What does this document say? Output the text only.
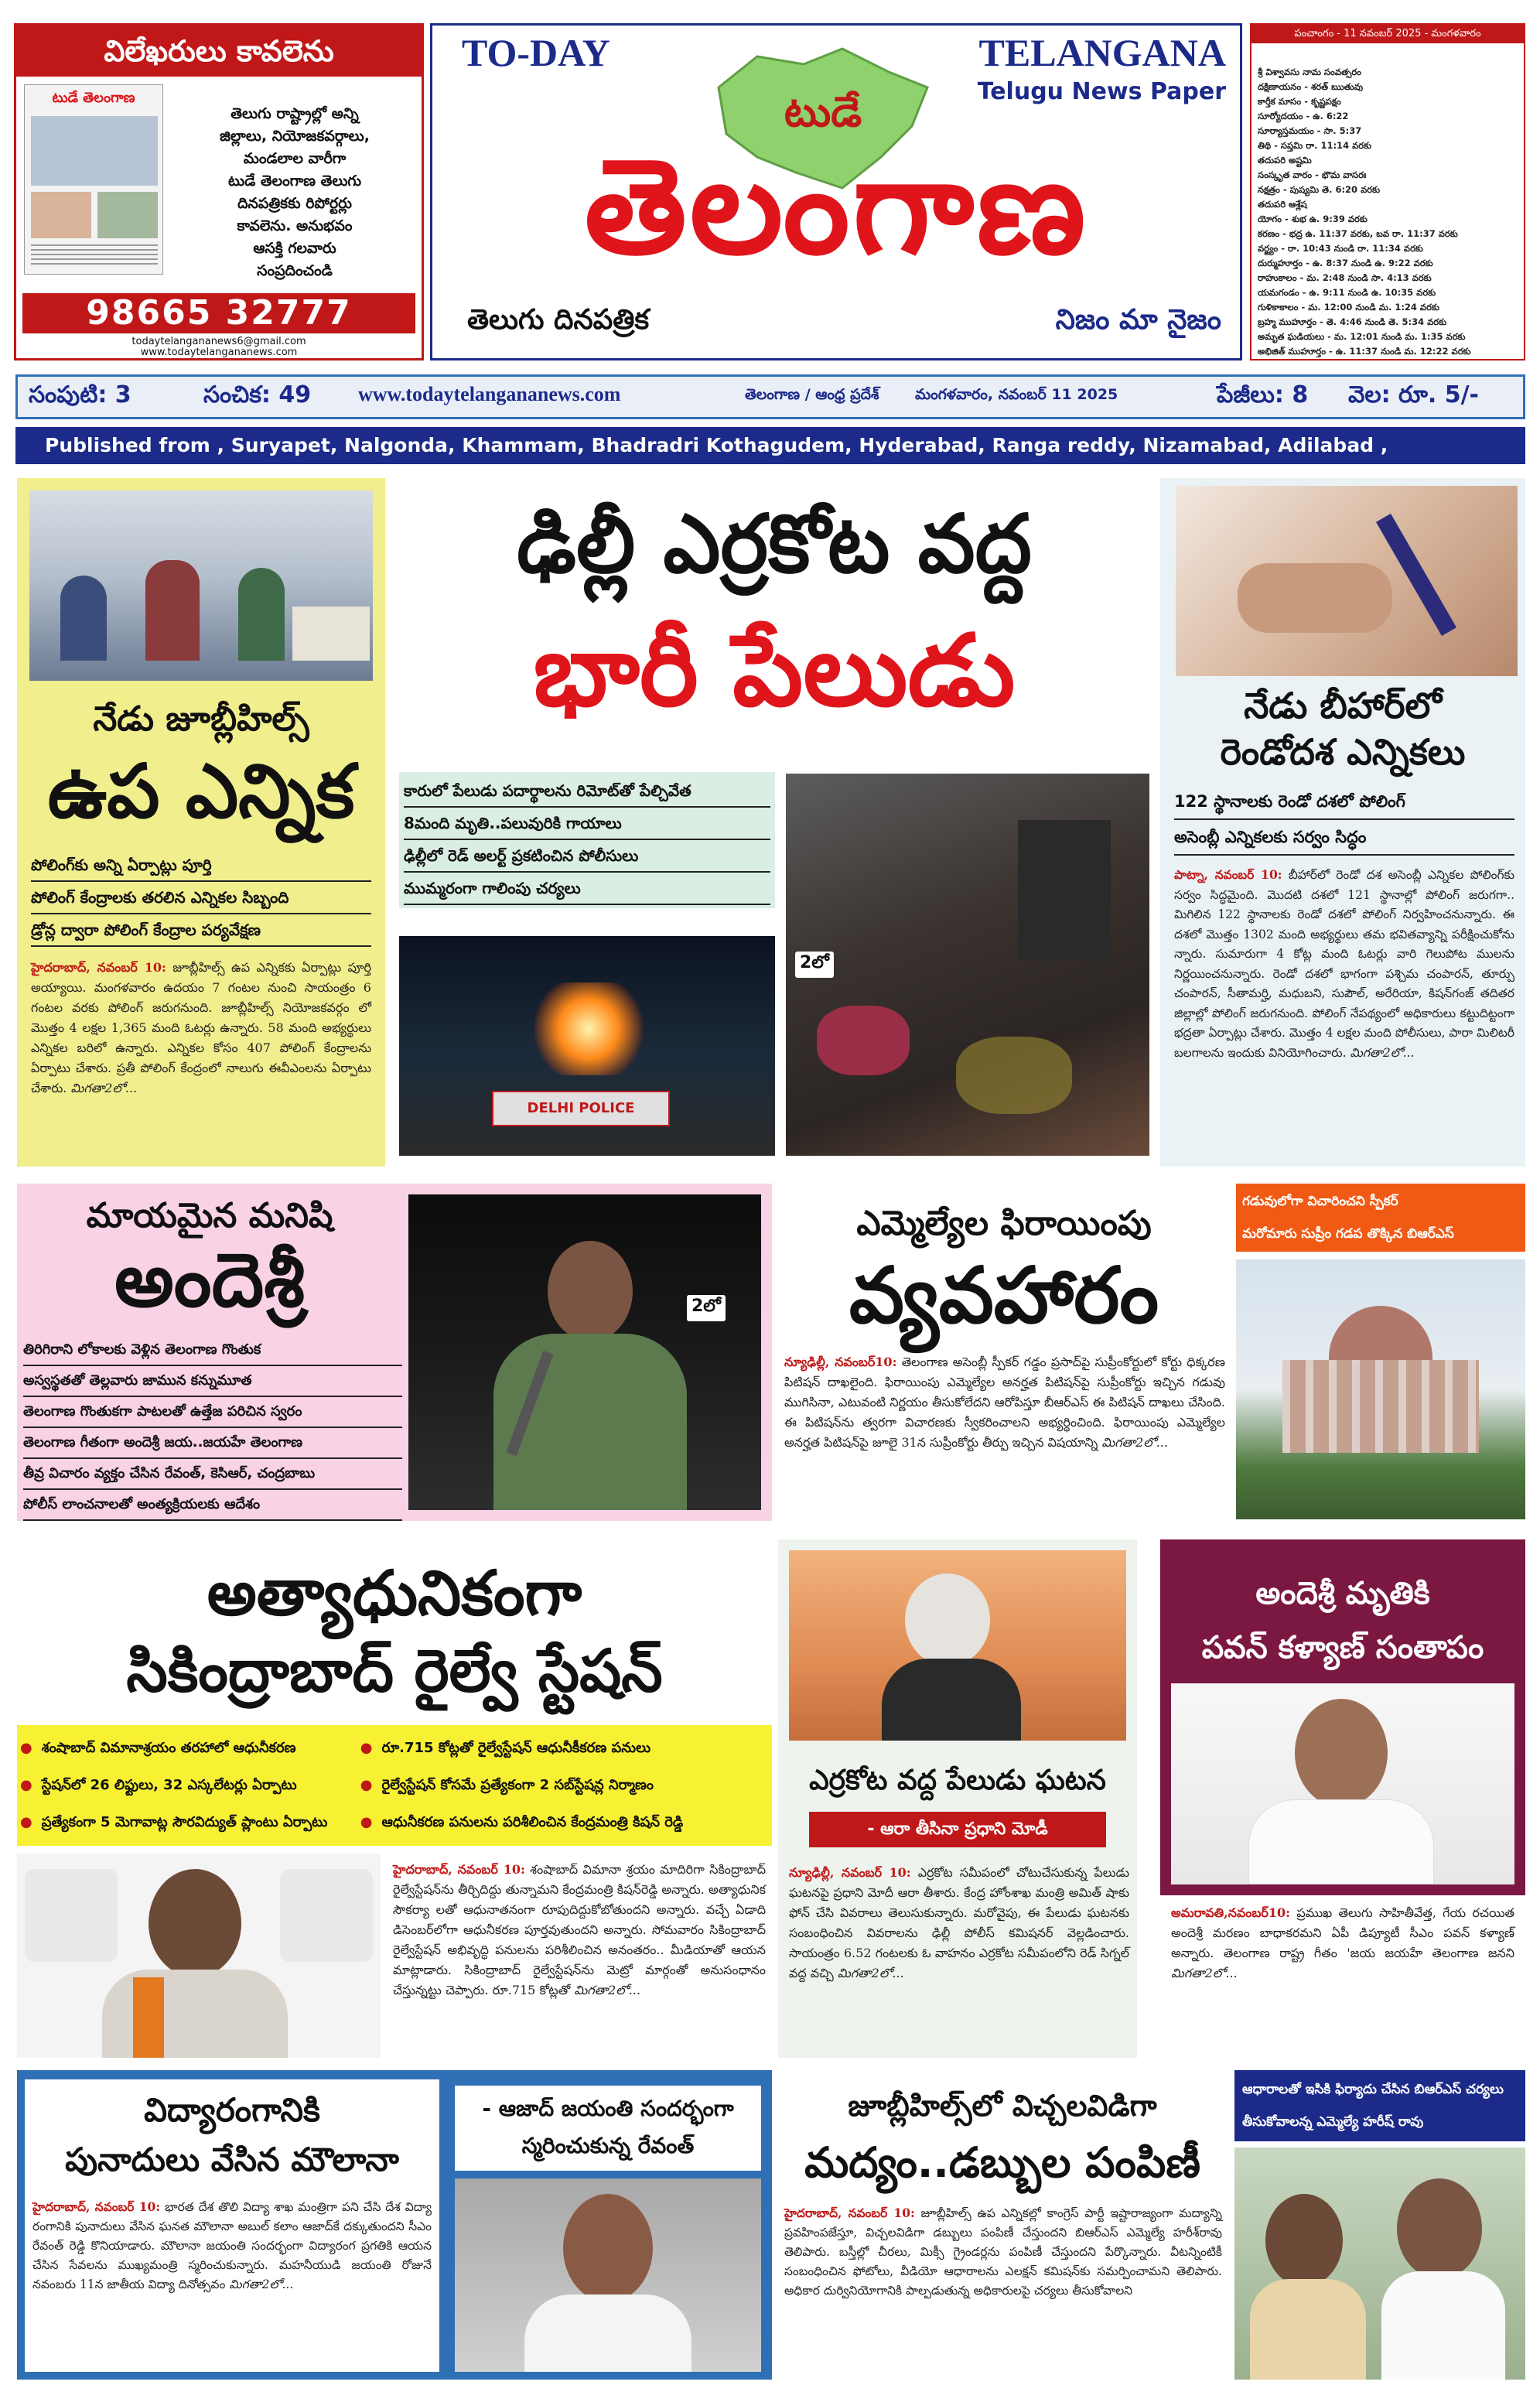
విలేఖరులు కావలెను
టుడే తెలంగాణ
తెలుగు రాష్ట్రాల్లో అన్ని
జిల్లాలు, నియోజకవర్గాలు,
మండలాల వారీగా
టుడే తెలంగాణ తెలుగు
దినపత్రికకు రిపోర్టర్లు
కావలెను. అనుభవం
ఆసక్తి గలవారు
సంప్రదించండి
98665 32777
todaytelangananews6@gmail.com
www.todaytelangananews.com
TO-DAY	TELANGANA
Telugu News Paper
టుడే
తెలంగాణ
తెలుగు దినపత్రిక	నిజం మా నైజం
పంచాంగం - 11 నవంబర్ 2025 - మంగళవారం
శ్రీ విశ్వావసు నామ సంవత్సరం
దక్షిణాయనం - శరత్ ఋతువు
కార్తీక మాసం - కృష్ణపక్షం
సూర్యోదయం - ఉ. 6:22
సూర్యాస్తమయం - సా. 5:37
తిథి - సప్తమి రా. 11:14 వరకు
తదుపరి అష్టమి
సంస్కృత వారం - భౌమ వాసరః
నక్షత్రం - పుష్యమి తె. 6:20 వరకు
తదుపరి ఆశ్లేష
యోగం - శుభ ఉ. 9:39 వరకు
కరణం - భద్ర ఉ. 11:37 వరకు, బవ రా. 11:37 వరకు
వర్జ్యం - రా. 10:43 నుండి రా. 11:34 వరకు
దుర్ముహూర్తం - ఉ. 8:37 నుండి ఉ. 9:22 వరకు
రాహుకాలం - మ. 2:48 నుండి సా. 4:13 వరకు
యమగండం - ఉ. 9:11 నుండి ఉ. 10:35 వరకు
గుళికాకాలం - మ. 12:00 నుండి మ. 1:24 వరకు
బ్రహ్మ ముహూర్తం - తె. 4:46 నుండి తె. 5:34 వరకు
అమృత ఘడియలు - మ. 12:01 నుండి మ. 1:35 వరకు
అభిజిత్ ముహూర్తం - ఉ. 11:37 నుండి మ. 12:22 వరకు
సంపుటి: 3	సంచిక: 49 www.todaytelangananews.com	తెలంగాణ / ఆంధ్ర ప్రదేశ్ మంగళవారం, నవంబర్ 11 2025	పేజీలు: 8 వెల: రూ. 5/-
Published from , Suryapet, Nalgonda, Khammam, Bhadradri Kothagudem, Hyderabad, Ranga reddy, Nizamabad, Adilabad ,
నేడు జూబ్లీహిల్స్
ఉప ఎన్నిక
పోలింగ్‌కు అన్ని ఏర్పాట్లు పూర్తి
పోలింగ్ కేంద్రాలకు తరలిన ఎన్నికల సిబ్బంది
డ్రోన్ల ద్వారా పోలింగ్ కేంద్రాల పర్యవేక్షణ
హైదరాబాద్, నవంబర్ 10: జూబ్లీహిల్స్ ఉప ఎన్నికకు ఏర్పాట్లు పూర్తి అయ్యాయి. మంగళవారం ఉదయం 7 గంటల నుంచి సాయంత్రం 6 గంటల వరకు పోలింగ్ జరుగనుంది. జూబ్లీహిల్స్ నియోజకవర్గం లో మొత్తం 4 లక్షల 1,365 మంది ఓటర్లు ఉన్నారు. 58 మంది అభ్యర్థులు ఎన్నికల బరిలో ఉన్నారు. ఎన్నికల కోసం 407 పోలింగ్ కేంద్రాలను ఏర్పాటు చేశారు. ప్రతీ పోలింగ్ కేంద్రంలో నాలుగు ఈవీఎంలను ఏర్పాటు చేశారు. మిగతా2లో...
ఢిల్లీ ఎర్రకోట వద్ద
భారీ పేలుడు
కారులో పేలుడు పదార్థాలను రిమోట్‌తో పేల్చివేత
8మంది మృతి..పలువురికి గాయాలు
ఢిల్లీలో రెడ్ అలర్ట్ ప్రకటించిన పోలీసులు
ముమ్మరంగా గాలింపు చర్యలు
DELHI POLICE
2లో
నేడు బీహార్‌లో
రెండోదశ ఎన్నికలు
122 స్థానాలకు రెండో దశలో పోలింగ్
అసెంబ్లీ ఎన్నికలకు సర్వం సిద్ధం
పాట్నా, నవంబర్ 10: బీహార్‌లో రెండో దశ అసెంబ్లీ ఎన్నికల పోలింగ్‌కు సర్వం సిద్ధమైంది. మొదటి దశలో 121 స్థానాల్లో పోలింగ్ జరుగగా.. మిగిలిన 122 స్థానాలకు రెండో దశలో పోలింగ్ నిర్వహించనున్నారు. ఈ దశలో మొత్తం 1302 మంది అభ్యర్థులు తమ భవితవ్యాన్ని పరీక్షించుకోను న్నారు. సుమారుగా 4 కోట్ల మంది ఓటర్లు వారి గెలుపోట ములను నిర్ణయించనున్నారు. రెండో దశలో భాగంగా పశ్చిమ చంపారన్, తూర్పు చంపారన్, సీతామర్హి, మధుబని, సుపౌల్, అరేరియా, కిషన్‌గంజ్ తదితర జిల్లాల్లో పోలింగ్ జరుగనుంది. పోలింగ్ నేపథ్యంలో అధికారులు కట్టుదిట్టంగా భద్రతా ఏర్పాట్లు చేశారు. మొత్తం 4 లక్షల మంది పోలీసులు, పారా మిలిటరీ బలగాలను ఇందుకు వినియోగించారు. మిగతా2లో...
మాయమైన మనిషి
అందెశ్రీ
తిరిగిరాని లోకాలకు వెళ్లిన తెలంగాణ గొంతుక
అస్వస్థతతో తెల్లవారు జామున కన్నుమూత
తెలంగాణ గొంతుకగా పాటలతో ఉత్తేజ పరిచిన స్వరం
తెలంగాణ గీతంగా అందెశ్రీ జయ..జయహే తెలంగాణ
తీవ్ర విచారం వ్యక్తం చేసిన రేవంత్, కెసిఆర్, చంద్రబాబు
పోలీస్ లాంచనాలతో అంత్యక్రియలకు ఆదేశం
2లో
ఎమ్మెల్యేల ఫిరాయింపు
వ్యవహారం
న్యూఢిల్లీ, నవంబర్10: తెలంగాణ అసెంబ్లీ స్పీకర్ గడ్డం ప్రసాద్‌పై సుప్రీంకోర్టులో కోర్టు ధిక్కరణ పిటిషన్ దాఖలైంది. ఫిరాయింపు ఎమ్మెల్యేల అనర్హత పిటిషన్‌పై సుప్రీంకోర్టు ఇచ్చిన గడువు ముగిసినా, ఎటువంటి నిర్ణయం తీసుకోలేదని ఆరోపిస్తూ బీఆర్ఎస్ ఈ పిటిషన్ దాఖలు చేసింది. ఈ పిటిషన్‌ను త్వరగా విచారణకు స్వీకరించాలని అభ్యర్థించింది. ఫిరాయింపు ఎమ్మెల్యేల అనర్హత పిటిషన్‌పై జూలై 31న సుప్రీంకోర్టు తీర్పు ఇచ్చిన విషయాన్ని మిగతా2లో...
గడువులోగా విచారించని స్పీకర్
మరోమారు సుప్రీం గడప తొక్కిన బిఆర్ఎస్
అత్యాధునికంగా
సికింద్రాబాద్ రైల్వే స్టేషన్
● శంషాబాద్ విమానాశ్రయం తరహాలో ఆధునీకరణ	● రూ.715 కోట్లతో రైల్వేస్టేషన్ ఆధునీకీకరణ పనులు
● స్టేషన్‌లో 26 లిఫ్టులు, 32 ఎస్కలేటర్లు ఏర్పాటు	● రైల్వేస్టేషన్ కోసమే ప్రత్యేకంగా 2 సబ్‌స్టేషన్ల నిర్మాణం
● ప్రత్యేకంగా 5 మెగావాట్ల సౌరవిద్యుత్ ప్లాంటు ఏర్పాటు	● ఆధునీకరణ పనులను పరిశీలించిన కేంద్రమంత్రి కిషన్ రెడ్డి
హైదరాబాద్, నవంబర్ 10: శంషాబాద్ విమానా శ్రయం మాదిరిగా సికింద్రాబాద్ రైల్వేస్టేషన్‌ను తీర్చిదిద్దు తున్నామని కేంద్రమంత్రి కిషన్‌రెడ్డి అన్నారు. అత్యాధునిక సౌకర్యా లతో ఆధునాతనంగా రూపుదిద్దుకోబోతుందని అన్నారు. వచ్చే ఏడాది డిసెంబర్‌లోగా ఆధునీకరణ పూర్తవుతుందని అన్నారు. సోమవారం సికింద్రాబాద్ రైల్వేస్టేషన్ అభివృద్ధి పనులను పరిశీలించిన అనంతరం.. మీడియాతో ఆయన మాట్లాడారు. సికింద్రాబాద్ రైల్వేస్టేషన్‌ను మెట్రో మార్గంతో అనుసంధానం చేస్తున్నట్టు చెప్పారు. రూ.715 కోట్లతో మిగతా2లో...
ఎర్రకోట వద్ద పేలుడు ఘటన
- ఆరా తీసినా ప్రధాని మోడీ
న్యూఢిల్లీ, నవంబర్ 10: ఎర్రకోట సమీపంలో చోటుచేసుకున్న పేలుడు ఘటనపై ప్రధాని మోదీ ఆరా తీశారు. కేంద్ర హోంశాఖ మంత్రి అమిత్ షాకు ఫోన్ చేసి వివరాలు తెలుసుకున్నారు. మరోవైపు, ఈ పేలుడు ఘటనకు సంబంధించిన వివరాలను ఢిల్లీ పోలీస్ కమిషనర్ వెల్లడించారు. సాయంత్రం 6.52 గంటలకు ఓ వాహనం ఎర్రకోట సమీపంలోని రెడ్ సిగ్నల్ వద్ద వచ్చి మిగతా2లో...
అందెశ్రీ మృతికి
పవన్ కళ్యాణ్ సంతాపం
అమరావతి,నవంబర్10: ప్రముఖ తెలుగు సాహితీవేత్త, గేయ రచయిత అందెశ్రీ మరణం బాధాకరమని ఏపీ డిప్యూటీ సీఎం పవన్ కళ్యాణ్ అన్నారు. తెలంగాణ రాష్ట్ర గీతం 'జయ జయహే తెలంగాణ జనని మిగతా2లో...
విద్యారంగానికి
పునాదులు వేసిన మౌలానా
హైదరాబాద్, నవంబర్ 10: భారత దేశ తొలి విద్యా శాఖ మంత్రిగా పని చేసి దేశ విద్యా రంగానికి పునాదులు వేసిన ఘనత మౌలానా అబుల్ కలాం ఆజాద్‌కే దక్కుతుందని సీఎం రేవంత్ రెడ్డి కొనియాడారు. మౌలానా జయంతి సందర్భంగా విద్యారంగ ప్రగతికి ఆయన చేసిన సేవలను ముఖ్యమంత్రి స్మరించుకున్నారు. మహనీయుడి జయంతి రోజునే నవంబరు 11న జాతీయ విద్యా దినోత్సవం మిగతా2లో...
- ఆజాద్ జయంతి సందర్భంగా స్మరించుకున్న రేవంత్
జూబ్లీహిల్స్‌లో విచ్చలవిడిగా
మద్యం..డబ్బుల పంపిణీ
హైదరాబాద్, నవంబర్ 10: జూబ్లీహిల్స్ ఉప ఎన్నికల్లో కాంగ్రెస్ పార్టీ ఇష్టారాజ్యంగా మద్యాన్ని ప్రవహింపజేస్తూ, విచ్చలవిడిగా డబ్బులు పంపిణీ చేస్తుందని బిఆర్ఎస్ ఎమ్మెల్యే హరీశ్‌రావు తెలిపారు. బస్తీల్లో చీరలు, మిక్సీ గ్రైండర్లను పంపిణీ చేస్తుందని పేర్కొన్నారు. వీటన్నింటికీ సంబంధించిన ఫోటోలు, వీడియో ఆధారాలను ఎలక్షన్ కమిషన్‌కు సమర్పించామని తెలిపారు. అధికార దుర్వినియోగానికి పాల్పడుతున్న అధికారులపై చర్యలు తీసుకోవాలని
ఆధారాలతో ఇసికి ఫిర్యాదు చేసిన బిఆర్ఎస్ చర్యలు తీసుకోవాలన్న ఎమ్మెల్యే హరీష్ రావు
